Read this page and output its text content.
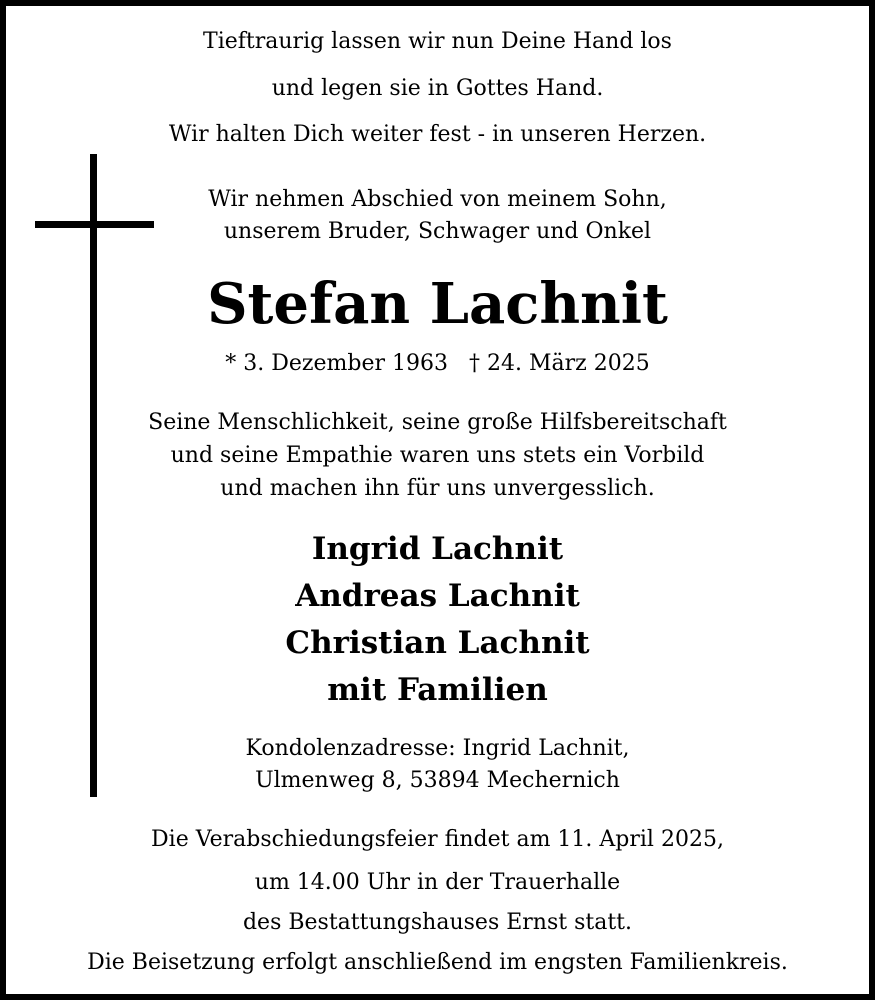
Tieftraurig lassen wir nun Deine Hand los
und legen sie in Gottes Hand.
Wir halten Dich weiter fest - in unseren Herzen.
Wir nehmen Abschied von meinem Sohn,
unserem Bruder, Schwager und Onkel
Stefan Lachnit
* 3. Dezember 1963   † 24. März 2025
Seine Menschlichkeit, seine große Hilfsbereitschaft
und seine Empathie waren uns stets ein Vorbild
und machen ihn für uns unvergesslich.
Ingrid Lachnit
Andreas Lachnit
Christian Lachnit
mit Familien
Kondolenzadresse: Ingrid Lachnit,
Ulmenweg 8, 53894 Mechernich
Die Verabschiedungsfeier findet am 11. April 2025,
um 14.00 Uhr in der Trauerhalle
des Bestattungshauses Ernst statt.
Die Beisetzung erfolgt anschließend im engsten Familienkreis.
